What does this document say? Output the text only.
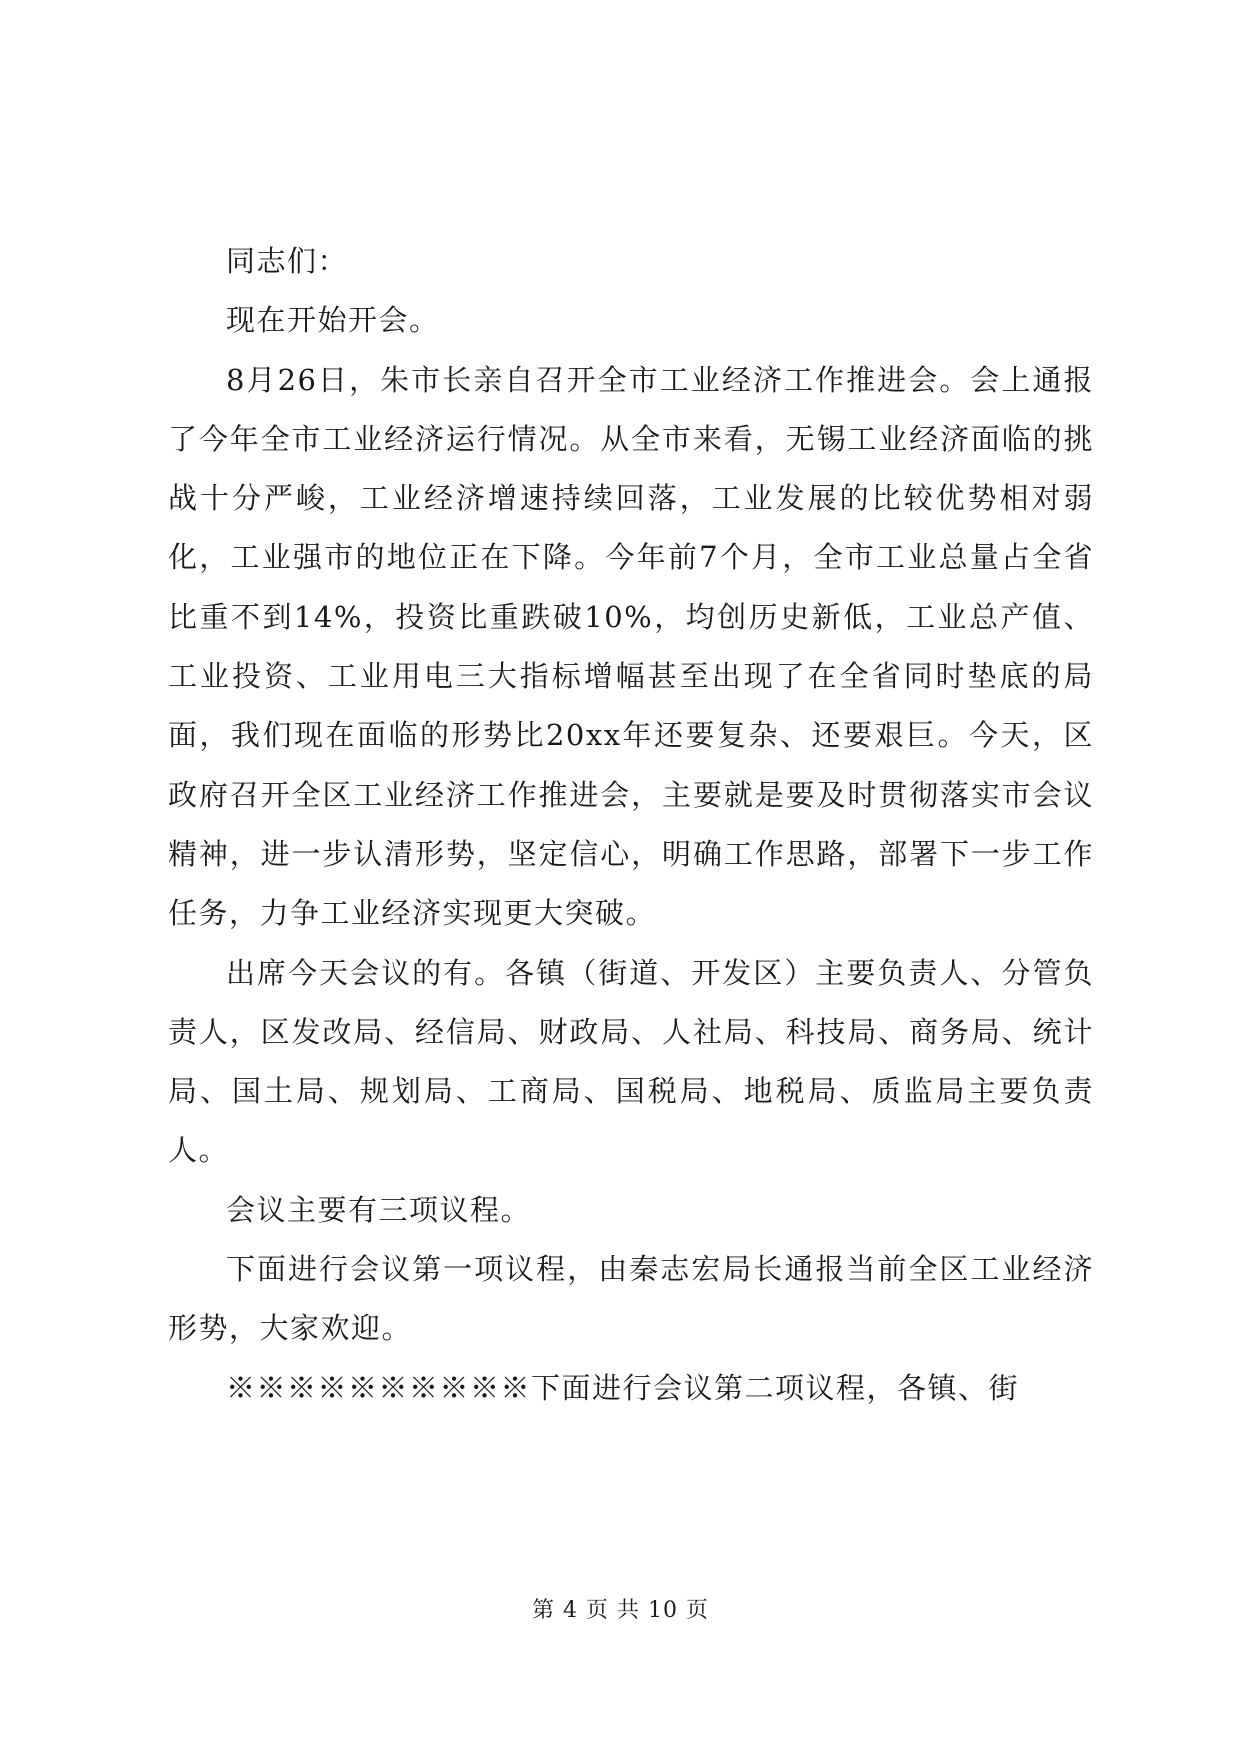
同志们：

现在开始开会。

8月26日，朱市长亲自召开全市工业经济工作推进会。会上通报了今年全市工业经济运行情况。从全市来看，无锡工业经济面临的挑战十分严峻，工业经济增速持续回落，工业发展的比较优势相对弱化，工业强市的地位正在下降。今年前7个月，全市工业总量占全省比重不到14%，投资比重跌破10%，均创历史新低，工业总产值、工业投资、工业用电三大指标增幅甚至出现了在全省同时垫底的局面，我们现在面临的形势比20xx年还要复杂、还要艰巨。今天，区政府召开全区工业经济工作推进会，主要就是要及时贯彻落实市会议精神，进一步认清形势，坚定信心，明确工作思路，部署下一步工作任务，力争工业经济实现更大突破。

出席今天会议的有。各镇（街道、开发区）主要负责人、分管负责人，区发改局、经信局、财政局、人社局、科技局、商务局、统计局、国土局、规划局、工商局、国税局、地税局、质监局主要负责人。

会议主要有三项议程。

下面进行会议第一项议程，由秦志宏局长通报当前全区工业经济形势，大家欢迎。

※※※※※※※※※※下面进行会议第二项议程，各镇、街

第 4 页 共 10 页
